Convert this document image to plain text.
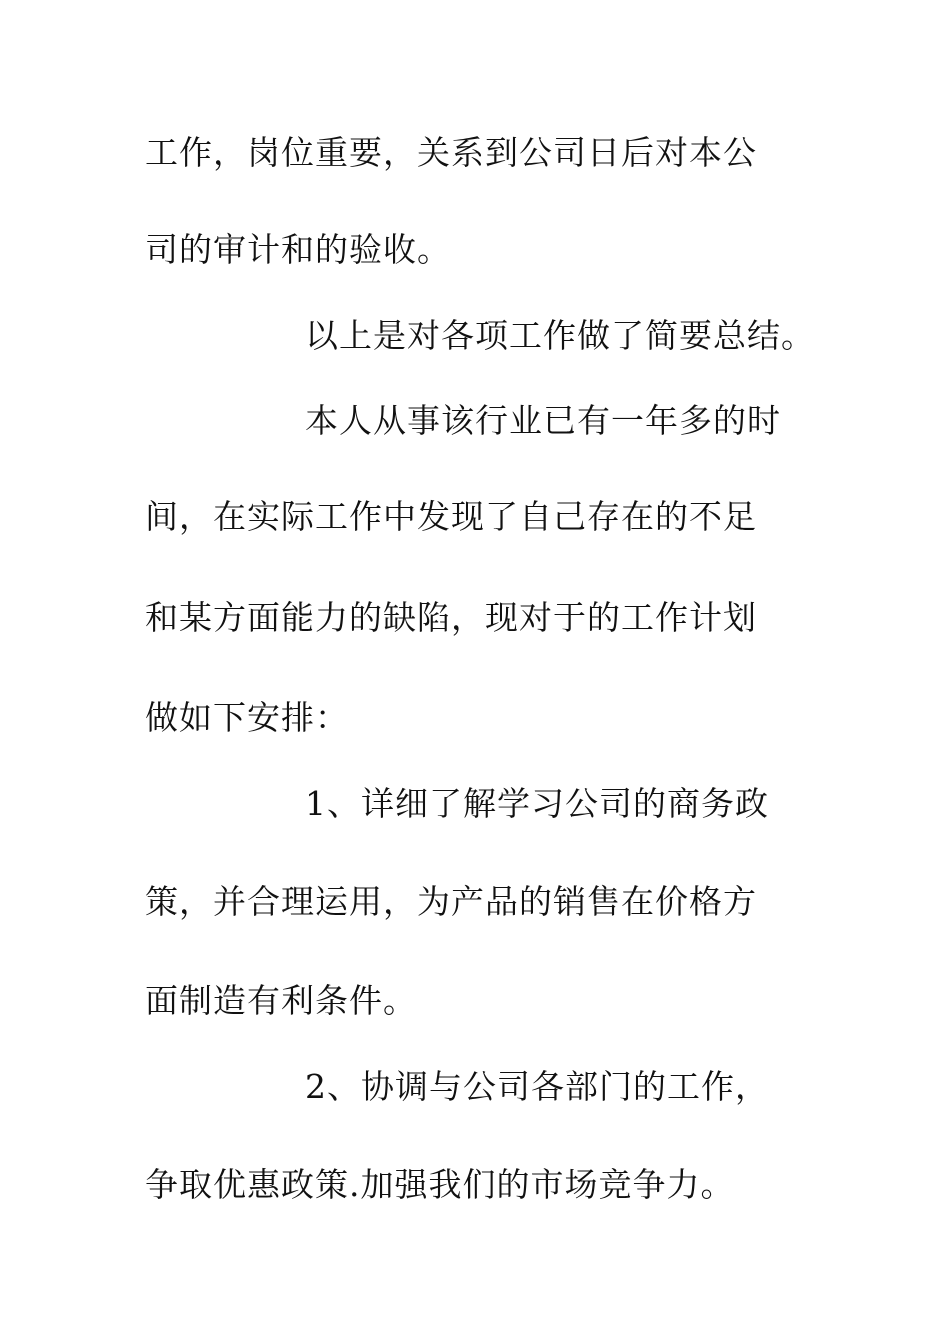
工作，岗位重要，关系到公司日后对本公
司的审计和的验收。
以上是对各项工作做了简要总结。
本人从事该行业已有一年多的时
间，在实际工作中发现了自己存在的不足
和某方面能力的缺陷，现对于的工作计划
做如下安排：
1、详细了解学习公司的商务政
策，并合理运用，为产品的销售在价格方
面制造有利条件。
2、协调与公司各部门的工作，
争取优惠政策.加强我们的市场竞争力。
